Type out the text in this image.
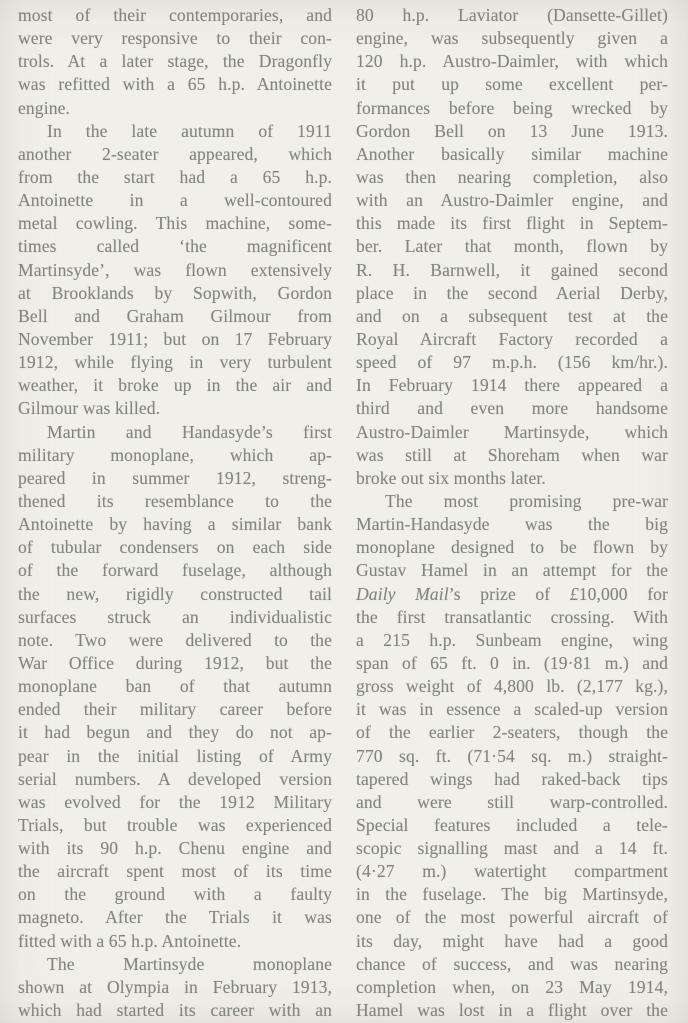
most of their contemporaries, and
were very responsive to their con-
trols. At a later stage, the Dragonfly
was refitted with a 65 h.p. Antoinette
engine.
In the late autumn of 1911
another 2-seater appeared, which
from the start had a 65 h.p.
Antoinette in a well-contoured
metal cowling. This machine, some-
times called ‘the magnificent
Martinsyde’, was flown extensively
at Brooklands by Sopwith, Gordon
Bell and Graham Gilmour from
November 1911; but on 17 February
1912, while flying in very turbulent
weather, it broke up in the air and
Gilmour was killed.
Martin and Handasyde’s first
military monoplane, which ap-
peared in summer 1912, streng-
thened its resemblance to the
Antoinette by having a similar bank
of tubular condensers on each side
of the forward fuselage, although
the new, rigidly constructed tail
surfaces struck an individualistic
note. Two were delivered to the
War Office during 1912, but the
monoplane ban of that autumn
ended their military career before
it had begun and they do not ap-
pear in the initial listing of Army
serial numbers. A developed version
was evolved for the 1912 Military
Trials, but trouble was experienced
with its 90 h.p. Chenu engine and
the aircraft spent most of its time
on the ground with a faulty
magneto. After the Trials it was
fitted with a 65 h.p. Antoinette.
The Martinsyde monoplane
shown at Olympia in February 1913,
which had started its career with an
80 h.p. Laviator (Dansette-Gillet)
engine, was subsequently given a
120 h.p. Austro-Daimler, with which
it put up some excellent per-
formances before being wrecked by
Gordon Bell on 13 June 1913.
Another basically similar machine
was then nearing completion, also
with an Austro-Daimler engine, and
this made its first flight in Septem-
ber. Later that month, flown by
R. H. Barnwell, it gained second
place in the second Aerial Derby,
and on a subsequent test at the
Royal Aircraft Factory recorded a
speed of 97 m.p.h. (156 km/hr.).
In February 1914 there appeared a
third and even more handsome
Austro-Daimler Martinsyde, which
was still at Shoreham when war
broke out six months later.
The most promising pre-war
Martin-Handasyde was the big
monoplane designed to be flown by
Gustav Hamel in an attempt for the
Daily Mail’s prize of £10,000 for
the first transatlantic crossing. With
a 215 h.p. Sunbeam engine, wing
span of 65 ft. 0 in. (19·81 m.) and
gross weight of 4,800 lb. (2,177 kg.),
it was in essence a scaled-up version
of the earlier 2-seaters, though the
770 sq. ft. (71·54 sq. m.) straight-
tapered wings had raked-back tips
and were still warp-controlled.
Special features included a tele-
scopic signalling mast and a 14 ft.
(4·27 m.) watertight compartment
in the fuselage. The big Martinsyde,
one of the most powerful aircraft of
its day, might have had a good
chance of success, and was nearing
completion when, on 23 May 1914,
Hamel was lost in a flight over the
